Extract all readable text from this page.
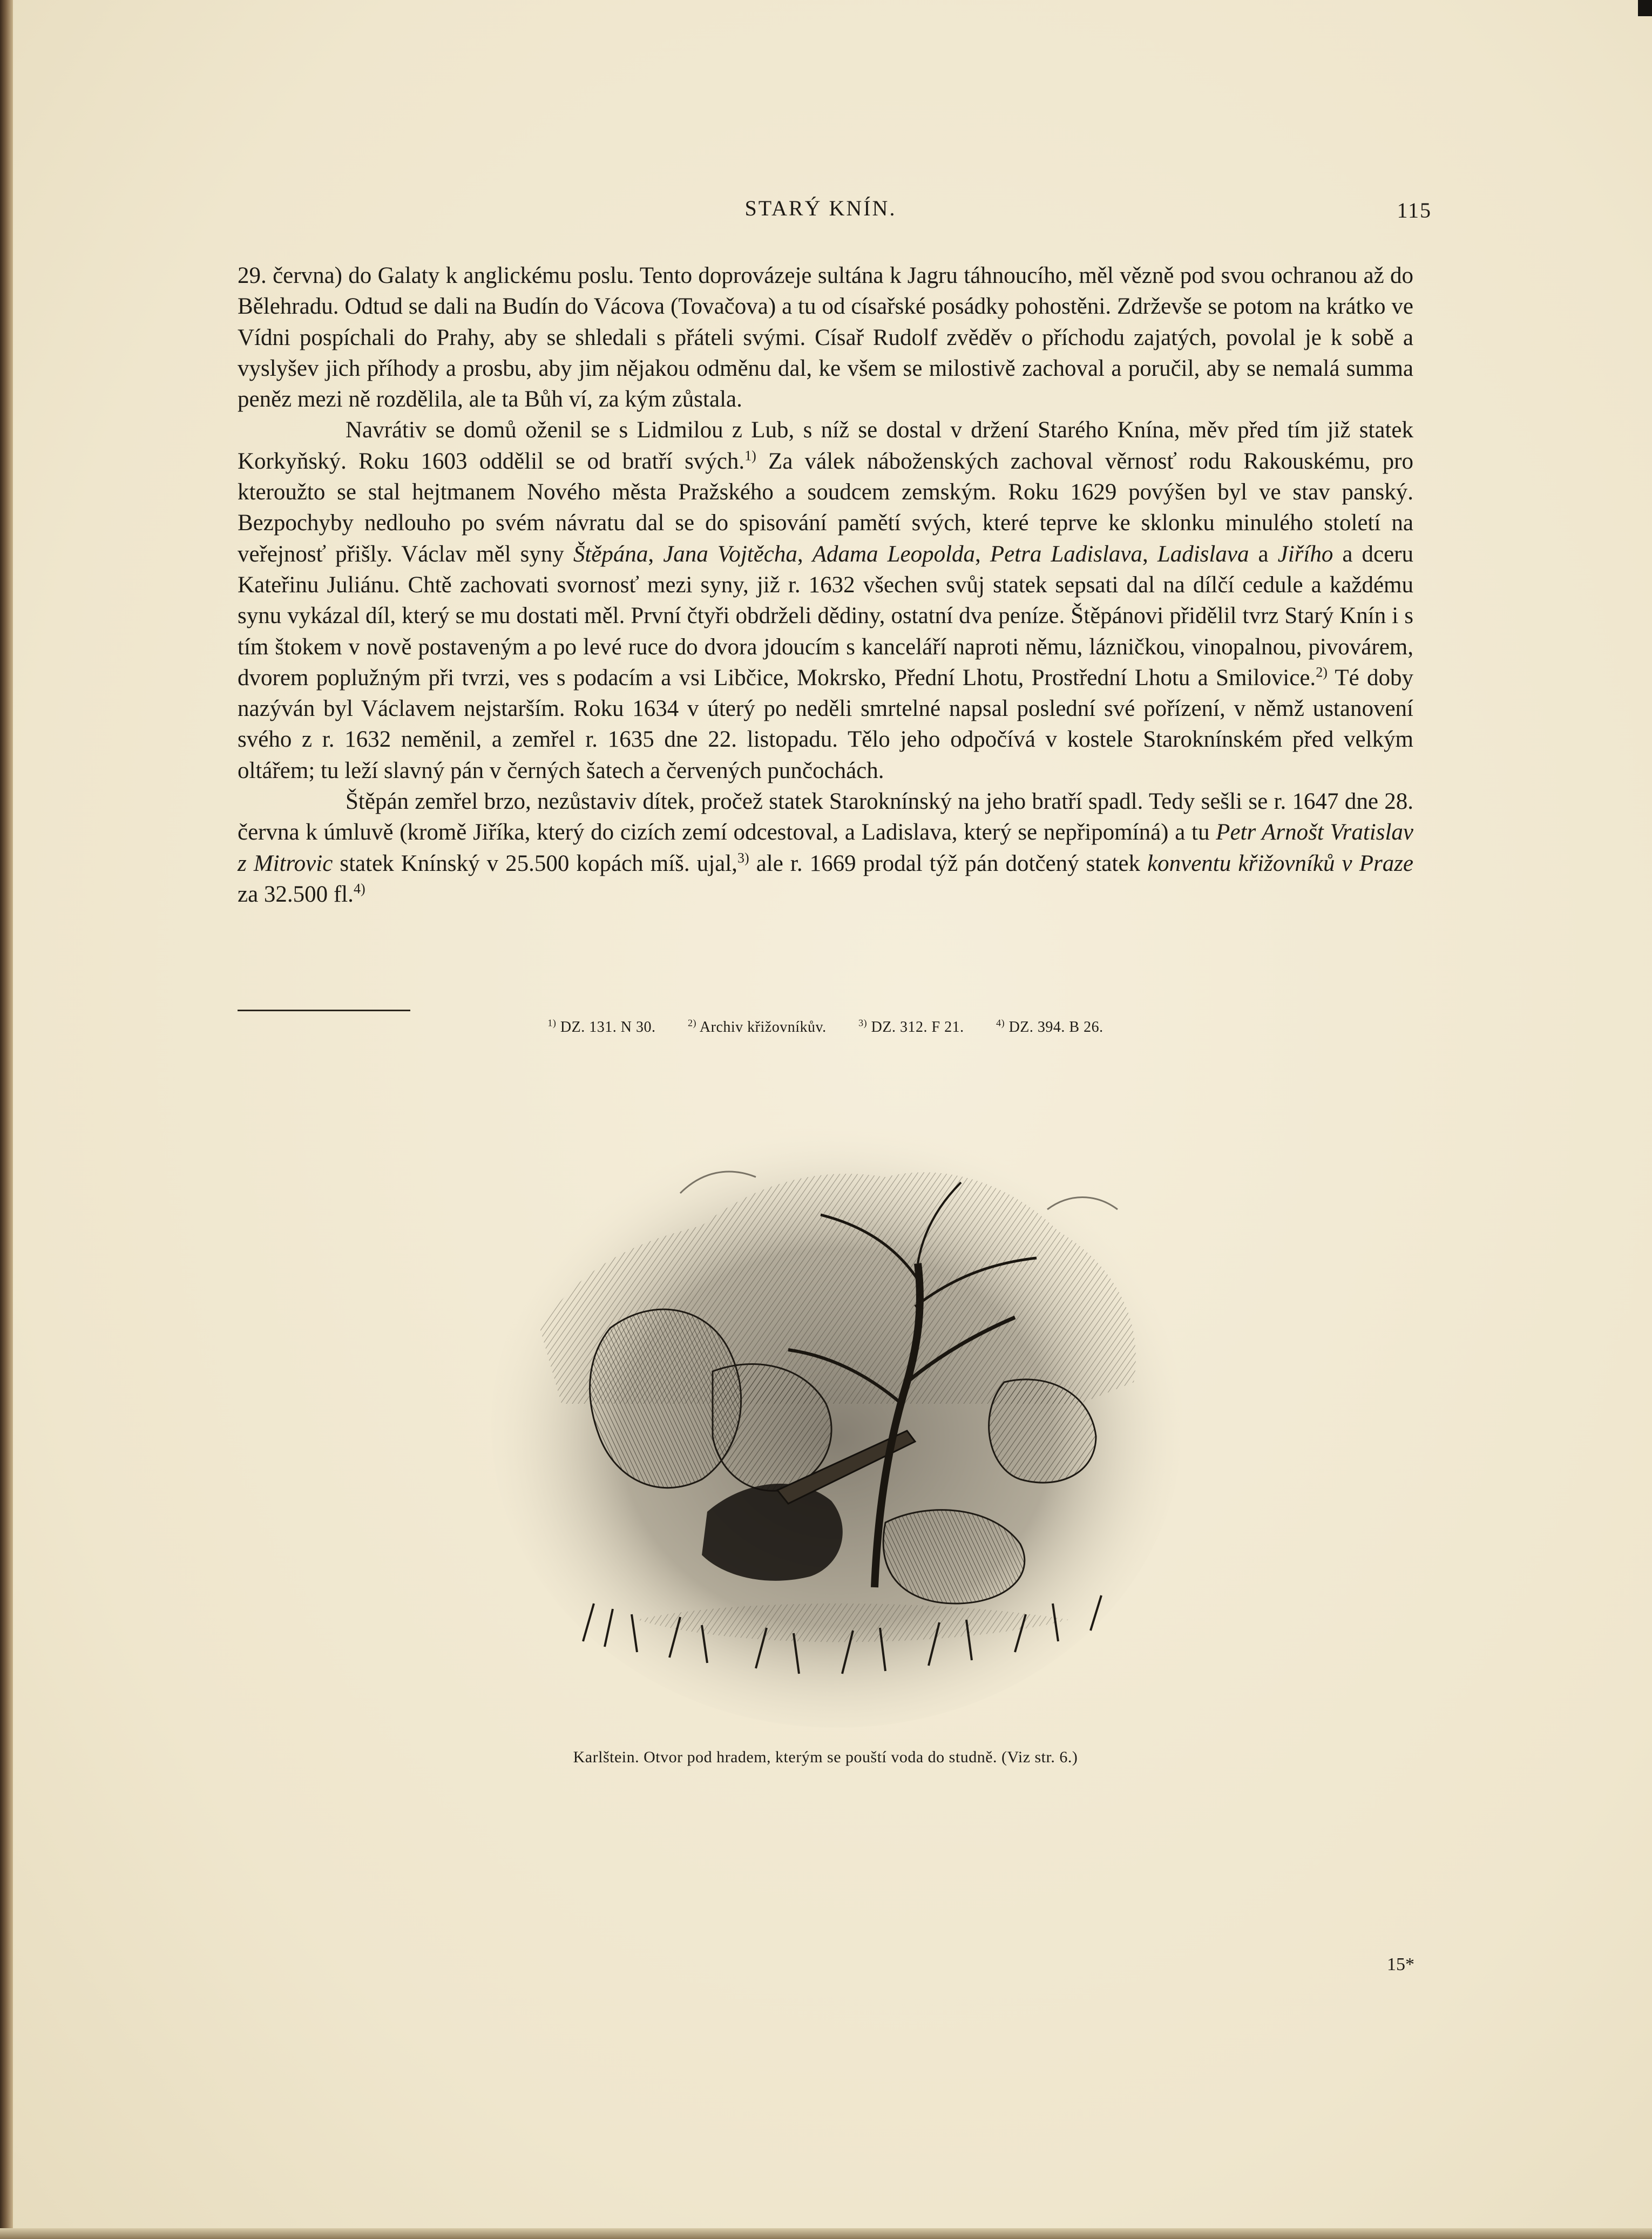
STARÝ KNÍN.	115

29. června) do Galaty k anglickému poslu. Tento doprovázeje sultána k Jagru táhnoucího, měl vězně pod svou ochranou až do Bělehradu. Odtud se dali na Budín do Vácova (Tovačova) a tu od císařské posádky pohostěni. Zdrževše se potom na krátko ve Vídni pospíchali do Prahy, aby se shledali s přáteli svými. Císař Rudolf zvěděv o příchodu zajatých, povolal je k sobě a vyslyšev jich příhody a prosbu, aby jim nějakou odměnu dal, ke všem se milostivě zachoval a poručil, aby se nemalá summa peněz mezi ně rozdělila, ale ta Bůh ví, za kým zůstala.

Navrátiv se domů oženil se s Lidmilou z Lub, s níž se dostal v držení Starého Knína, měv před tím již statek Korkyňský. Roku 1603 oddělil se od bratří svých.$^{1)}$ Za válek náboženských zachoval věrnosť rodu Rakouskému, pro kteroužto se stal hejtmanem Nového města Pražského a soudcem zemským. Roku 1629 povýšen byl ve stav panský. Bezpochyby nedlouho po svém návratu dal se do spisování pamětí svých, které teprve ke sklonku minulého století na veřejnosť přišly. Václav měl syny Štěpána, Jana Vojtěcha, Adama Leopolda, Petra Ladislava, Ladislava a Jiřího a dceru Kateřinu Juliánu. Chtě zachovati svornosť mezi syny, již r. 1632 všechen svůj statek sepsati dal na dílčí cedule a každému synu vykázal díl, který se mu dostati měl. První čtyři obdrželi dědiny, ostatní dva peníze. Štěpánovi přidělil tvrz Starý Knín i s tím štokem v nově postaveným a po levé ruce do dvora jdoucím s kanceláří naproti němu, lázničkou, vinopalnou, pivovárem, dvorem poplužným při tvrzi, ves s podacím a vsi Libčice, Mokrsko, Přední Lhotu, Prostřední Lhotu a Smilovice.$^{2)}$ Té doby nazýván byl Václavem nejstarším. Roku 1634 v úterý po neděli smrtelné napsal poslední své pořízení, v němž ustanovení svého z r. 1632 neměnil, a zemřel r. 1635 dne 22. listopadu. Tělo jeho odpočívá v kostele Staroknínském před velkým oltářem; tu leží slavný pán v černých šatech a červených punčochách.

Štěpán zemřel brzo, nezůstaviv dítek, pročež statek Staroknínský na jeho bratří spadl. Tedy sešli se r. 1647 dne 28. června k úmluvě (kromě Jiříka, který do cizích zemí odcestoval, a Ladislava, který se nepřipomíná) a tu Petr Arnošt Vratislav z Mitrovic statek Knínský v 25.500 kopách míš. ujal,$^{3)}$ ale r. 1669 prodal týž pán dotčený statek konventu křižovníků v Praze za 32.500 fl.$^{4)}$

$^{1)}$ DZ. 131. N 30.	$^{2)}$ Archiv křižovníkův.	$^{3)}$ DZ. 312. F 21.	$^{4)}$ DZ. 394. B 26.
Karlštein. Otvor pod hradem, kterým se pouští voda do studně. (Viz str. 6.)
15*
